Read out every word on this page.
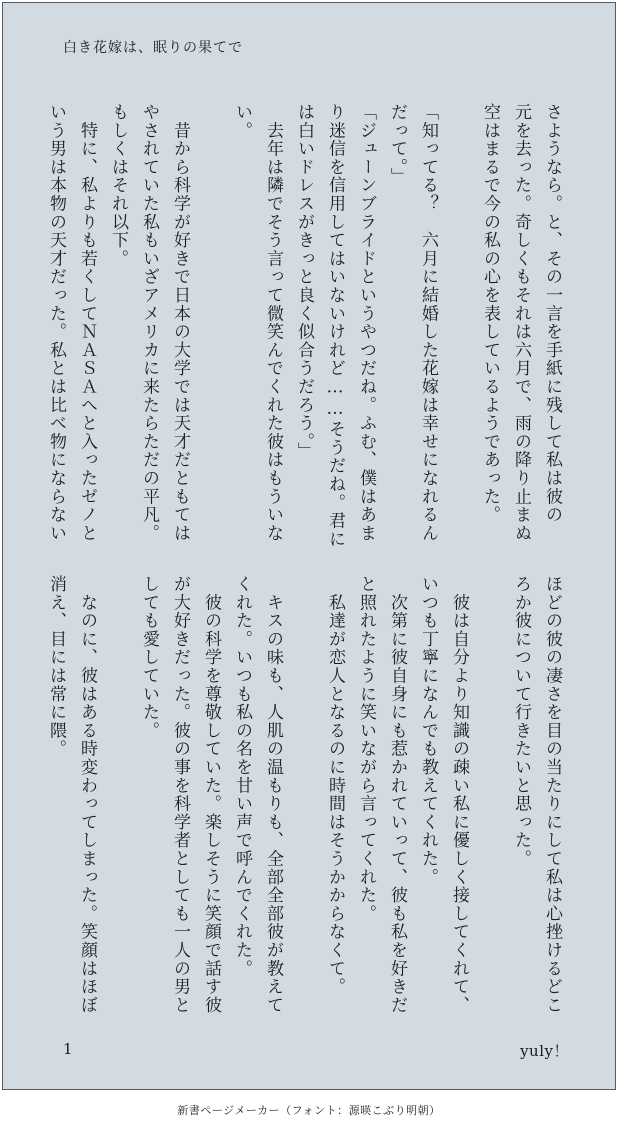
白き花嫁は、眠りの果てで
さようなら。と、その一言を手紙に残して私は彼の
元を去った。奇しくもそれは六月で、雨の降り止まぬ
空はまるで今の私の心を表しているようであった。
「知ってる？　六月に結婚した花嫁は幸せになれるん
だって。」
「ジューンブライドというやつだね。ふむ、僕はあま
り迷信を信用してはいないけれど……そうだね。君に
は白いドレスがきっと良く似合うだろう。」
　去年は隣でそう言って微笑んでくれた彼はもういな
い。
　昔から科学が好きで日本の大学では天才だともては
やされていた私もいざアメリカに来たらただの平凡。
もしくはそれ以下。
　特に、私よりも若くしてＮＡＳＡへと入ったゼノと
いう男は本物の天才だった。私とは比べ物にならない
ほどの彼の凄さを目の当たりにして私は心挫けるどこ
ろか彼について行きたいと思った。
　彼は自分より知識の疎い私に優しく接してくれて、
いつも丁寧になんでも教えてくれた。
　次第に彼自身にも惹かれていって、彼も私を好きだ
と照れたように笑いながら言ってくれた。
　私達が恋人となるのに時間はそうかからなくて。
　キスの味も、人肌の温もりも、全部全部彼が教えて
くれた。いつも私の名を甘い声で呼んでくれた。
　彼の科学を尊敬していた。楽しそうに笑顔で話す彼
が大好きだった。彼の事を科学者としても一人の男と
しても愛していた。
　なのに、彼はある時変わってしまった。笑顔はほぼ
消え、目には常に隈。
1	yuly！
新書ページメーカー（フォント：源暎こぶり明朝）
